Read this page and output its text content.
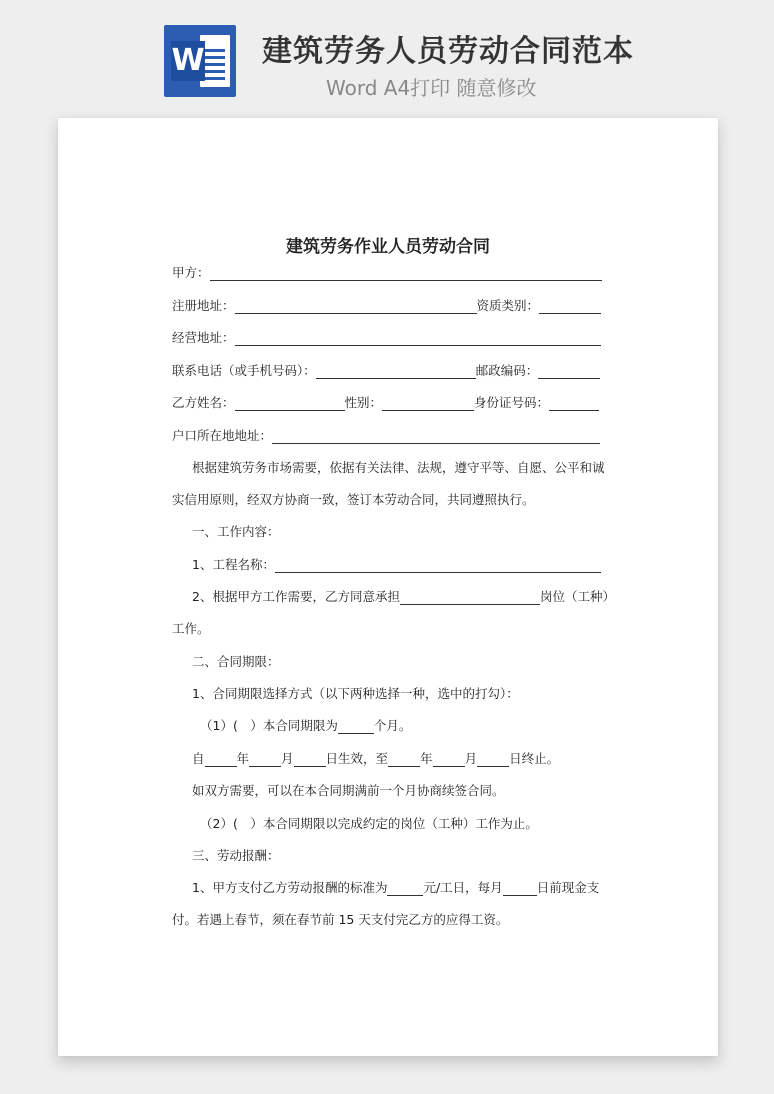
W 建筑劳务人员劳动合同范本
Word A4打印 随意修改
建筑劳务作业人员劳动合同
甲方：
注册地址：	资质类别：
经营地址：
联系电话（或手机号码）：	邮政编码：
乙方姓名：	性别：	身份证号码：
户口所在地地址：
根据建筑劳务市场需要，依据有关法律、法规，遵守平等、自愿、公平和诚
实信用原则，经双方协商一致，签订本劳动合同，共同遵照执行。
一、工作内容：
1、工程名称：
2、根据甲方工作需要，乙方同意承担	岗位（工种）
工作。
二、合同期限：
1、合同期限选择方式（以下两种选择一种，选中的打勾）：
（1）(　）本合同期限为	个月。
自	年	月	日生效，至	年	月	日终止。
如双方需要，可以在本合同期满前一个月协商续签合同。
（2）(　）本合同期限以完成约定的岗位（工种）工作为止。
三、劳动报酬：
1、甲方支付乙方劳动报酬的标准为	元/工日，每月	日前现金支
付。若遇上春节，须在春节前 15 天支付完乙方的应得工资。
